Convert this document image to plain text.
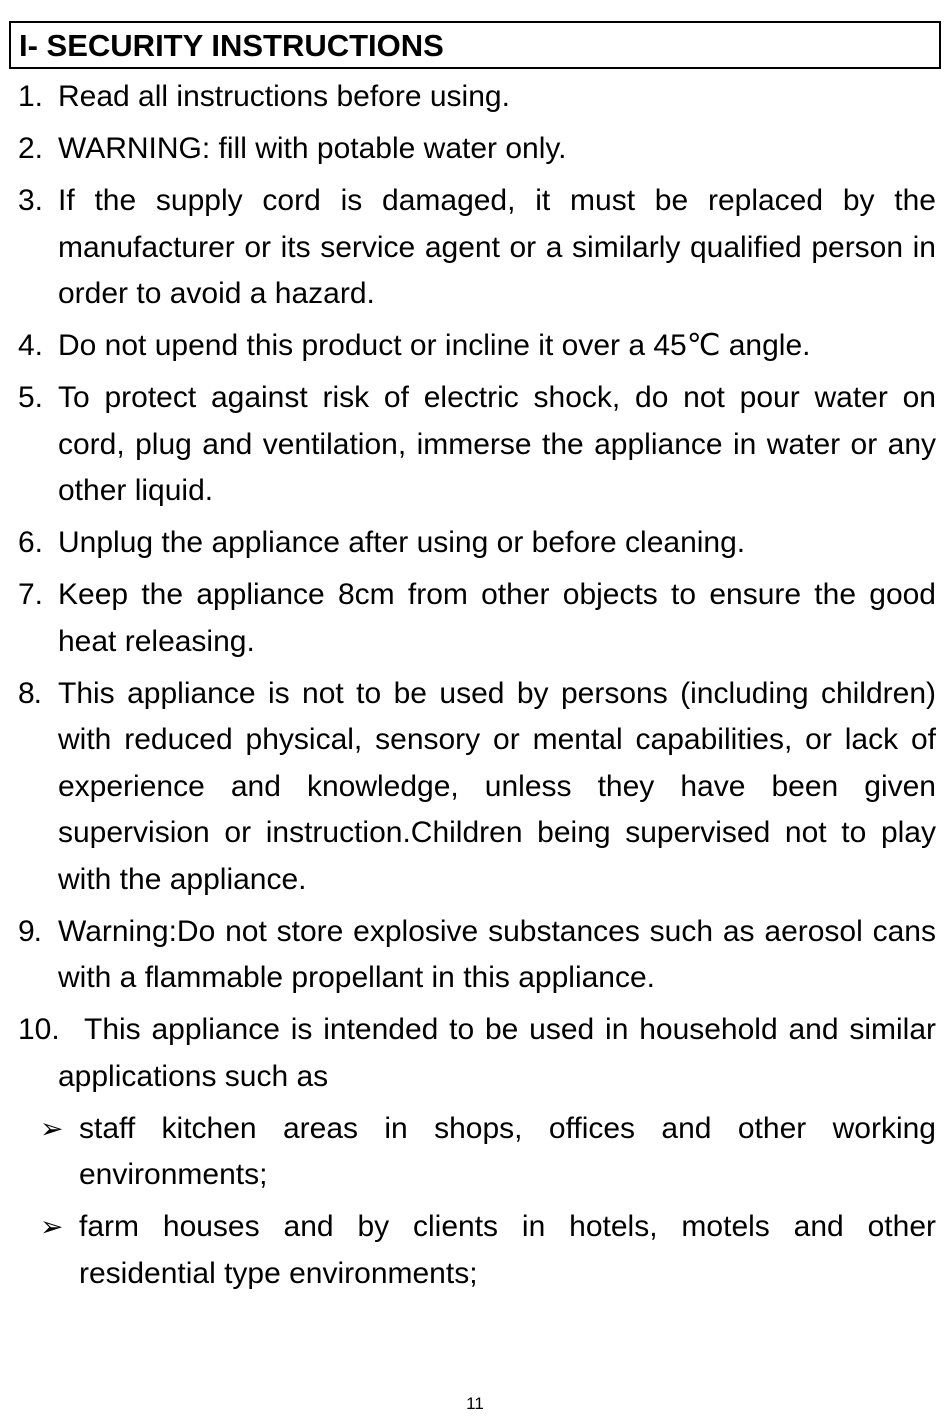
I- SECURITY INSTRUCTIONS
1. Read all instructions before using.
2. WARNING: fill with potable water only.
3. If the supply cord is damaged, it must be replaced by the manufacturer or its service agent or a similarly qualified person in order to avoid a hazard.
4. Do not upend this product or incline it over a 45℃ angle.
5. To protect against risk of electric shock, do not pour water on cord, plug and ventilation, immerse the appliance in water or any other liquid.
6. Unplug the appliance after using or before cleaning.
7. Keep the appliance 8cm from other objects to ensure the good heat releasing.
8. This appliance is not to be used by persons (including children) with reduced physical, sensory or mental capabilities, or lack of experience and knowledge, unless they have been given supervision or instruction.Children being supervised not to play with the appliance.
9. Warning:Do not store explosive substances such as aerosol cans with a flammable propellant in this appliance.
10. This appliance is intended to be used in household and similar applications such as
➢ staff kitchen areas in shops, offices and other working environments;
➢ farm houses and by clients in hotels, motels and other residential type environments;
11
